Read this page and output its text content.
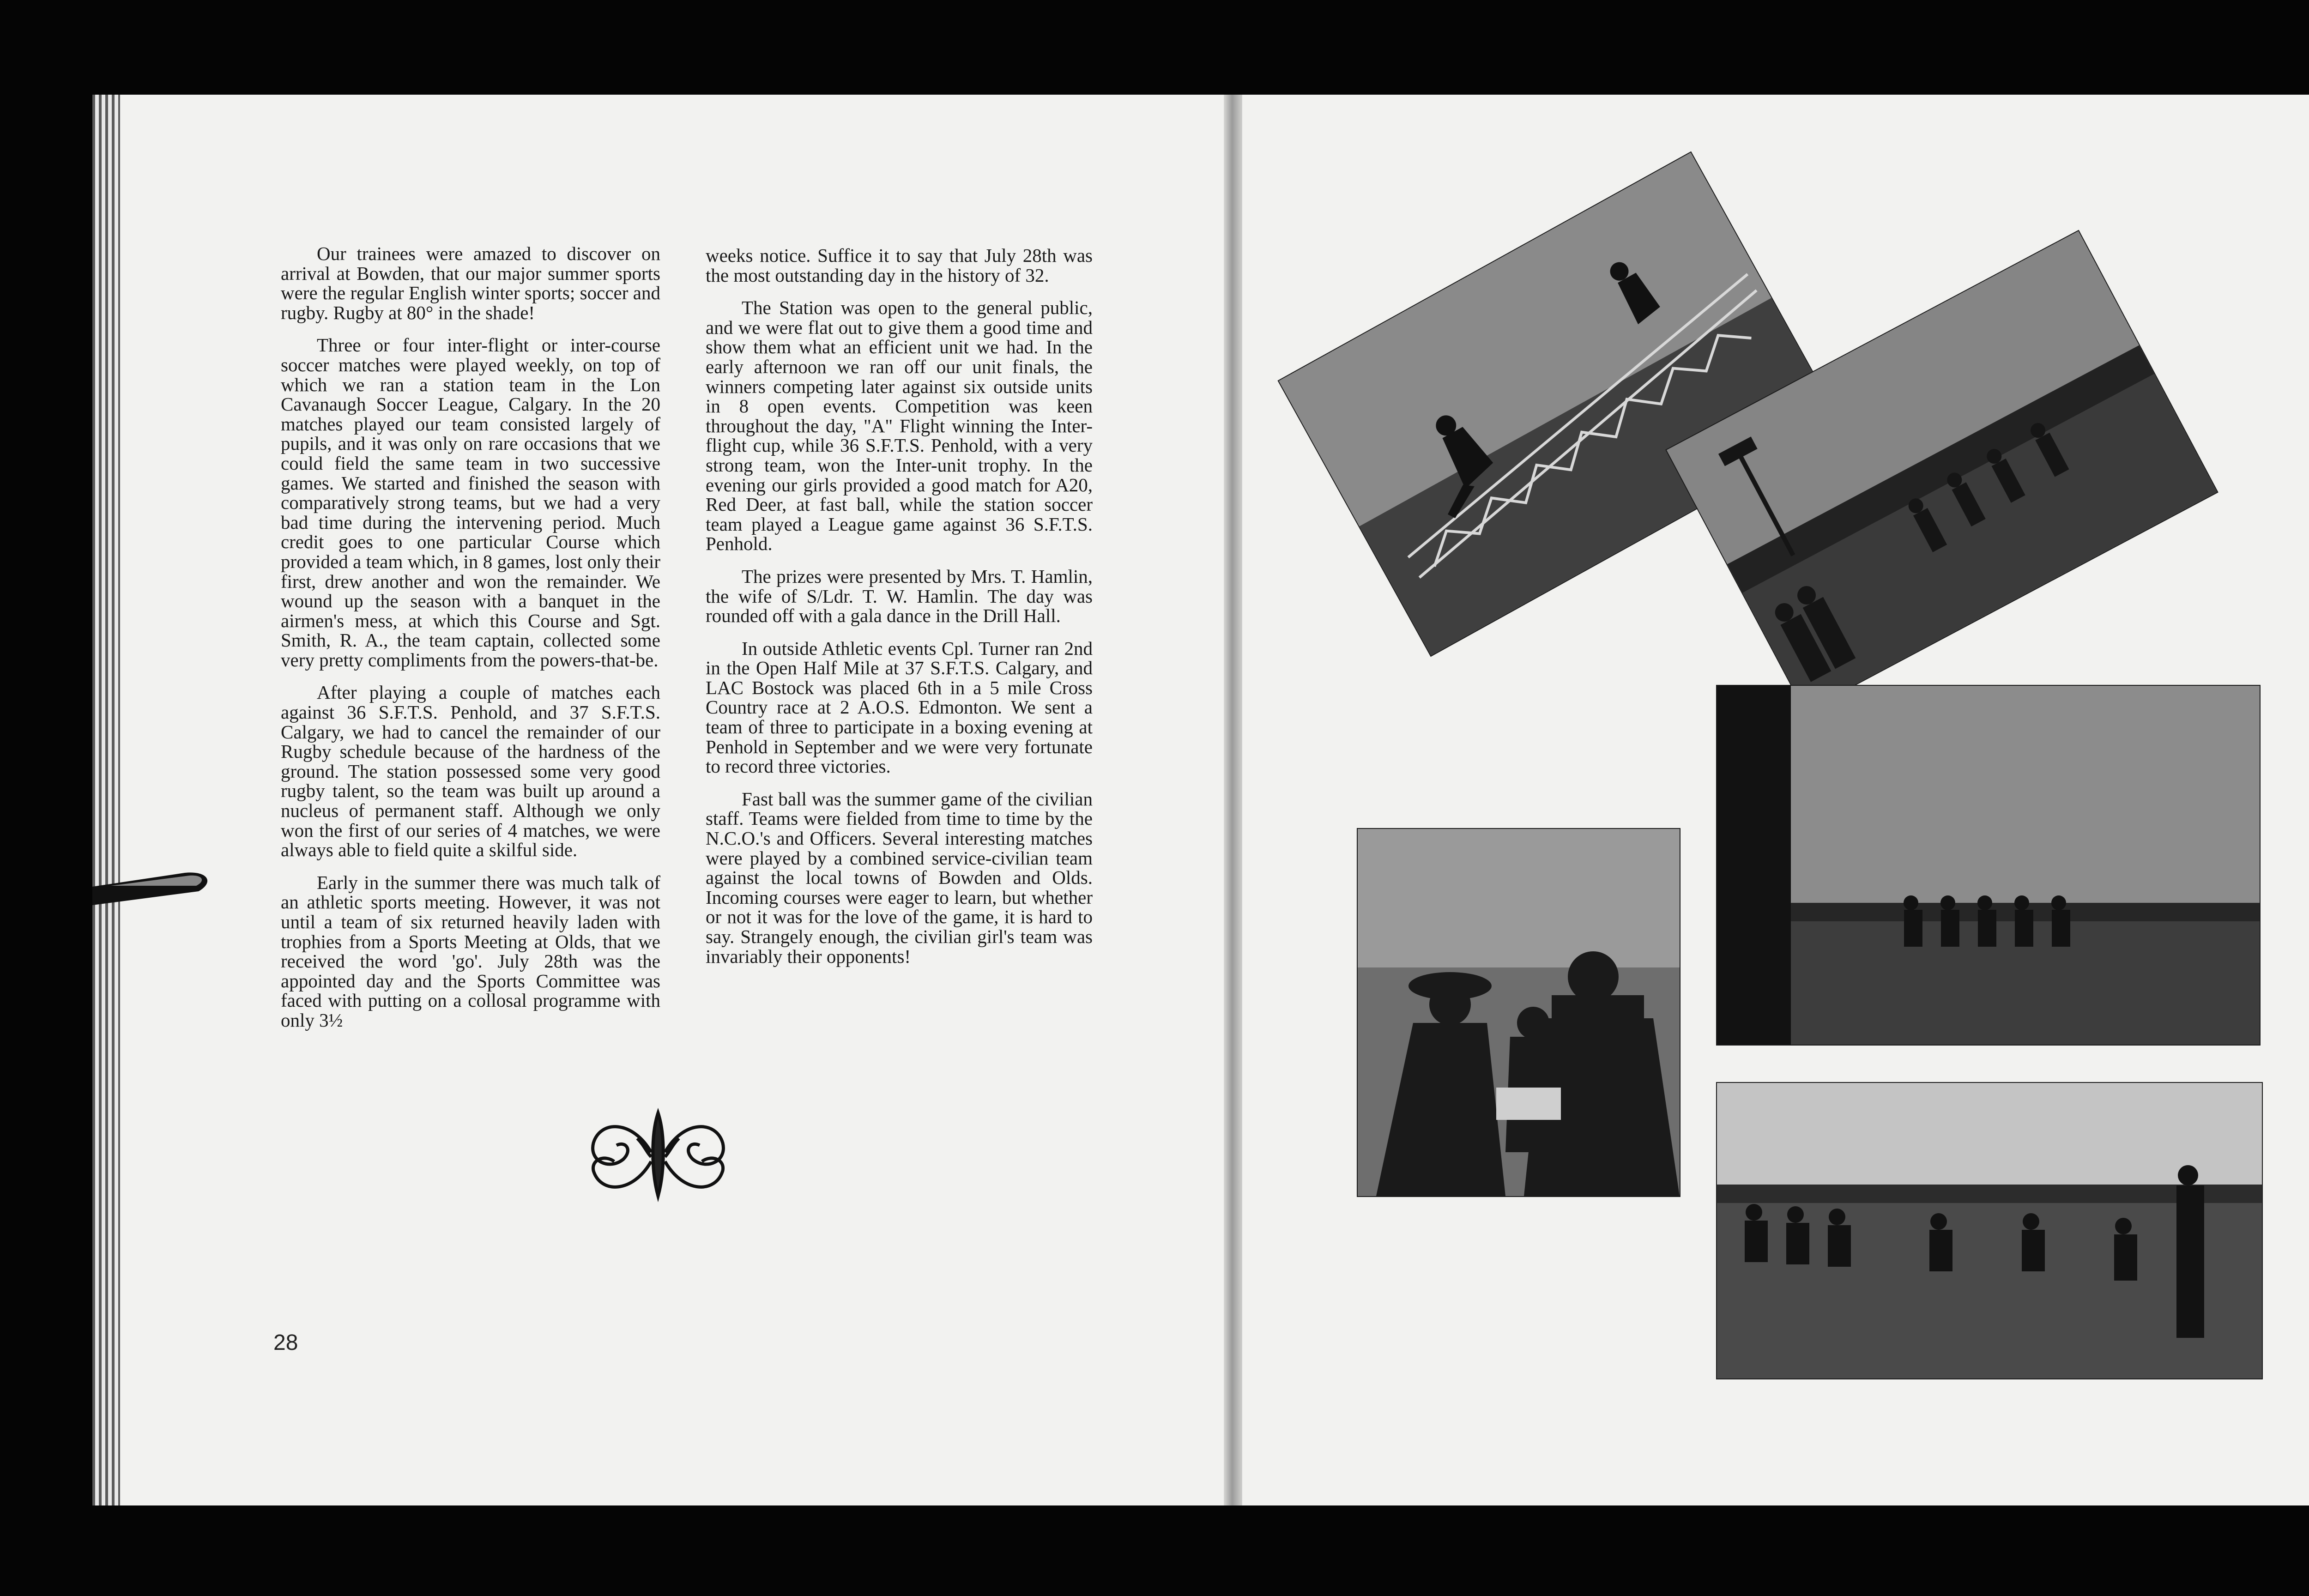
Our trainees were amazed to discover on arrival at Bowden, that our major summer sports were the regular English winter sports; soccer and rugby. Rugby at 80° in the shade!

Three or four inter-flight or inter-course soccer matches were played weekly, on top of which we ran a station team in the Lon Cavanaugh Soccer League, Calgary. In the 20 matches played our team consisted largely of pupils, and it was only on rare occasions that we could field the same team in two successive games. We started and finished the season with comparatively strong teams, but we had a very bad time during the intervening period. Much credit goes to one particular Course which provided a team which, in 8 games, lost only their first, drew another and won the remainder. We wound up the season with a banquet in the airmen's mess, at which this Course and Sgt. Smith, R. A., the team captain, collected some very pretty compliments from the powers-that-be.

After playing a couple of matches each against 36 S.F.T.S. Penhold, and 37 S.F.T.S. Calgary, we had to cancel the remainder of our Rugby schedule because of the hardness of the ground. The station possessed some very good rugby talent, so the team was built up around a nucleus of permanent staff. Although we only won the first of our series of 4 matches, we were always able to field quite a skilful side.

Early in the summer there was much talk of an athletic sports meeting. However, it was not until a team of six returned heavily laden with trophies from a Sports Meeting at Olds, that we received the word 'go'. July 28th was the appointed day and the Sports Committee was faced with putting on a collosal programme with only 3½

weeks notice. Suffice it to say that July 28th was the most outstanding day in the history of 32.

The Station was open to the general public, and we were flat out to give them a good time and show them what an efficient unit we had. In the early afternoon we ran off our unit finals, the winners competing later against six outside units in 8 open events. Competition was keen throughout the day, "A" Flight winning the Inter-flight cup, while 36 S.F.T.S. Penhold, with a very strong team, won the Inter-unit trophy. In the evening our girls provided a good match for A20, Red Deer, at fast ball, while the station soccer team played a League game against 36 S.F.T.S. Penhold.

The prizes were presented by Mrs. T. Hamlin, the wife of S/Ldr. T. W. Hamlin. The day was rounded off with a gala dance in the Drill Hall.

In outside Athletic events Cpl. Turner ran 2nd in the Open Half Mile at 37 S.F.T.S. Calgary, and LAC Bostock was placed 6th in a 5 mile Cross Country race at 2 A.O.S. Edmonton. We sent a team of three to participate in a boxing evening at Penhold in September and we were very fortunate to record three victories.

Fast ball was the summer game of the civilian staff. Teams were fielded from time to time by the N.C.O.'s and Officers. Several interesting matches were played by a combined service-civilian team against the local towns of Bowden and Olds. Incoming courses were eager to learn, but whether or not it was for the love of the game, it is hard to say. Strangely enough, the civilian girl's team was invariably their opponents!

28
